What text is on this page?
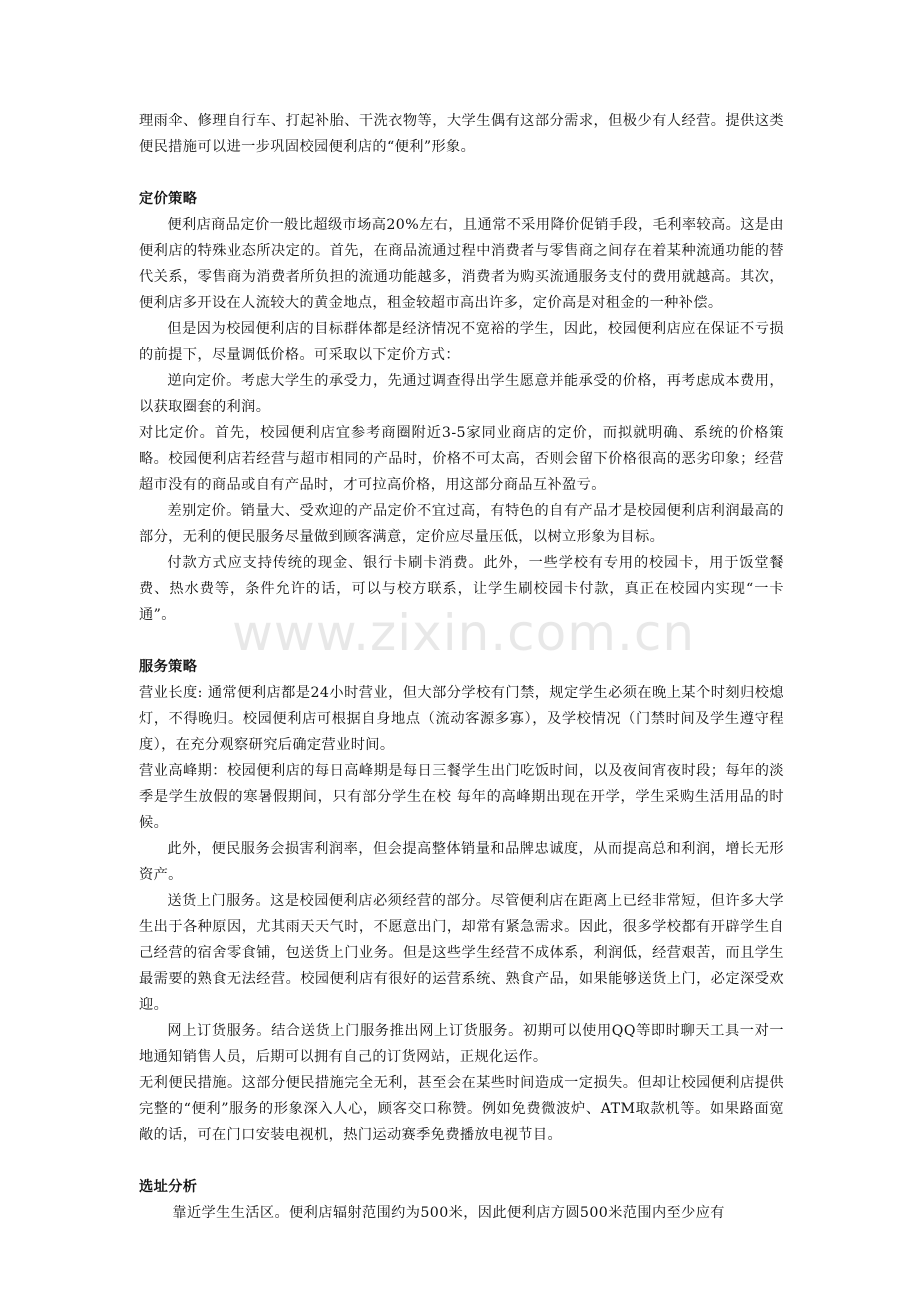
理雨伞、修理自行车、打起补胎、干洗衣物等，大学生偶有这部分需求，但极少有人经营。提供这类便民措施可以进一步巩固校园便利店的“便利”形象。

定价策略

便利店商品定价一般比超级市场高20%左右，且通常不采用降价促销手段，毛利率较高。这是由便利店的特殊业态所决定的。首先，在商品流通过程中消费者与零售商之间存在着某种流通功能的替代关系，零售商为消费者所负担的流通功能越多，消费者为购买流通服务支付的费用就越高。其次，便利店多开设在人流较大的黄金地点，租金较超市高出许多，定价高是对租金的一种补偿。

但是因为校园便利店的目标群体都是经济情况不宽裕的学生，因此，校园便利店应在保证不亏损的前提下，尽量调低价格。可采取以下定价方式：

逆向定价。考虑大学生的承受力，先通过调查得出学生愿意并能承受的价格，再考虑成本费用，以获取圈套的利润。

对比定价。首先，校园便利店宜参考商圈附近3-5家同业商店的定价，而拟就明确、系统的价格策略。校园便利店若经营与超市相同的产品时，价格不可太高，否则会留下价格很高的恶劣印象；经营超市没有的商品或自有产品时，才可拉高价格，用这部分商品互补盈亏。

差别定价。销量大、受欢迎的产品定价不宜过高，有特色的自有产品才是校园便利店利润最高的部分，无利的便民服务尽量做到顾客满意，定价应尽量压低，以树立形象为目标。

付款方式应支持传统的现金、银行卡刷卡消费。此外，一些学校有专用的校园卡，用于饭堂餐费、热水费等，条件允许的话，可以与校方联系，让学生刷校园卡付款，真正在校园内实现“一卡通”。

服务策略

营业长度: 通常便利店都是24小时营业，但大部分学校有门禁，规定学生必须在晚上某个时刻归校熄灯，不得晚归。校园便利店可根据自身地点（流动客源多寡），及学校情况（门禁时间及学生遵守程度），在充分观察研究后确定营业时间。

营业高峰期：校园便利店的每日高峰期是每日三餐学生出门吃饭时间，以及夜间宵夜时段；每年的淡季是学生放假的寒暑假期间，只有部分学生在校 每年的高峰期出现在开学，学生采购生活用品的时候。

此外，便民服务会损害利润率，但会提高整体销量和品牌忠诚度，从而提高总和利润，增长无形资产。

送货上门服务。这是校园便利店必须经营的部分。尽管便利店在距离上已经非常短，但许多大学生出于各种原因，尤其雨天天气时，不愿意出门，却常有紧急需求。因此，很多学校都有开辟学生自己经营的宿舍零食铺，包送货上门业务。但是这些学生经营不成体系，利润低，经营艰苦，而且学生最需要的熟食无法经营。校园便利店有很好的运营系统、熟食产品，如果能够送货上门，必定深受欢迎。

网上订货服务。结合送货上门服务推出网上订货服务。初期可以使用QQ等即时聊天工具一对一地通知销售人员，后期可以拥有自己的订货网站，正规化运作。

无利便民措施。这部分便民措施完全无利，甚至会在某些时间造成一定损失。但却让校园便利店提供完整的“便利”服务的形象深入人心，顾客交口称赞。例如免费微波炉、ATM取款机等。如果路面宽敞的话，可在门口安装电视机，热门运动赛季免费播放电视节目。

选址分析

靠近学生生活区。便利店辐射范围约为500米，因此便利店方圆500米范围内至少应有

www.zixin.com.cn
